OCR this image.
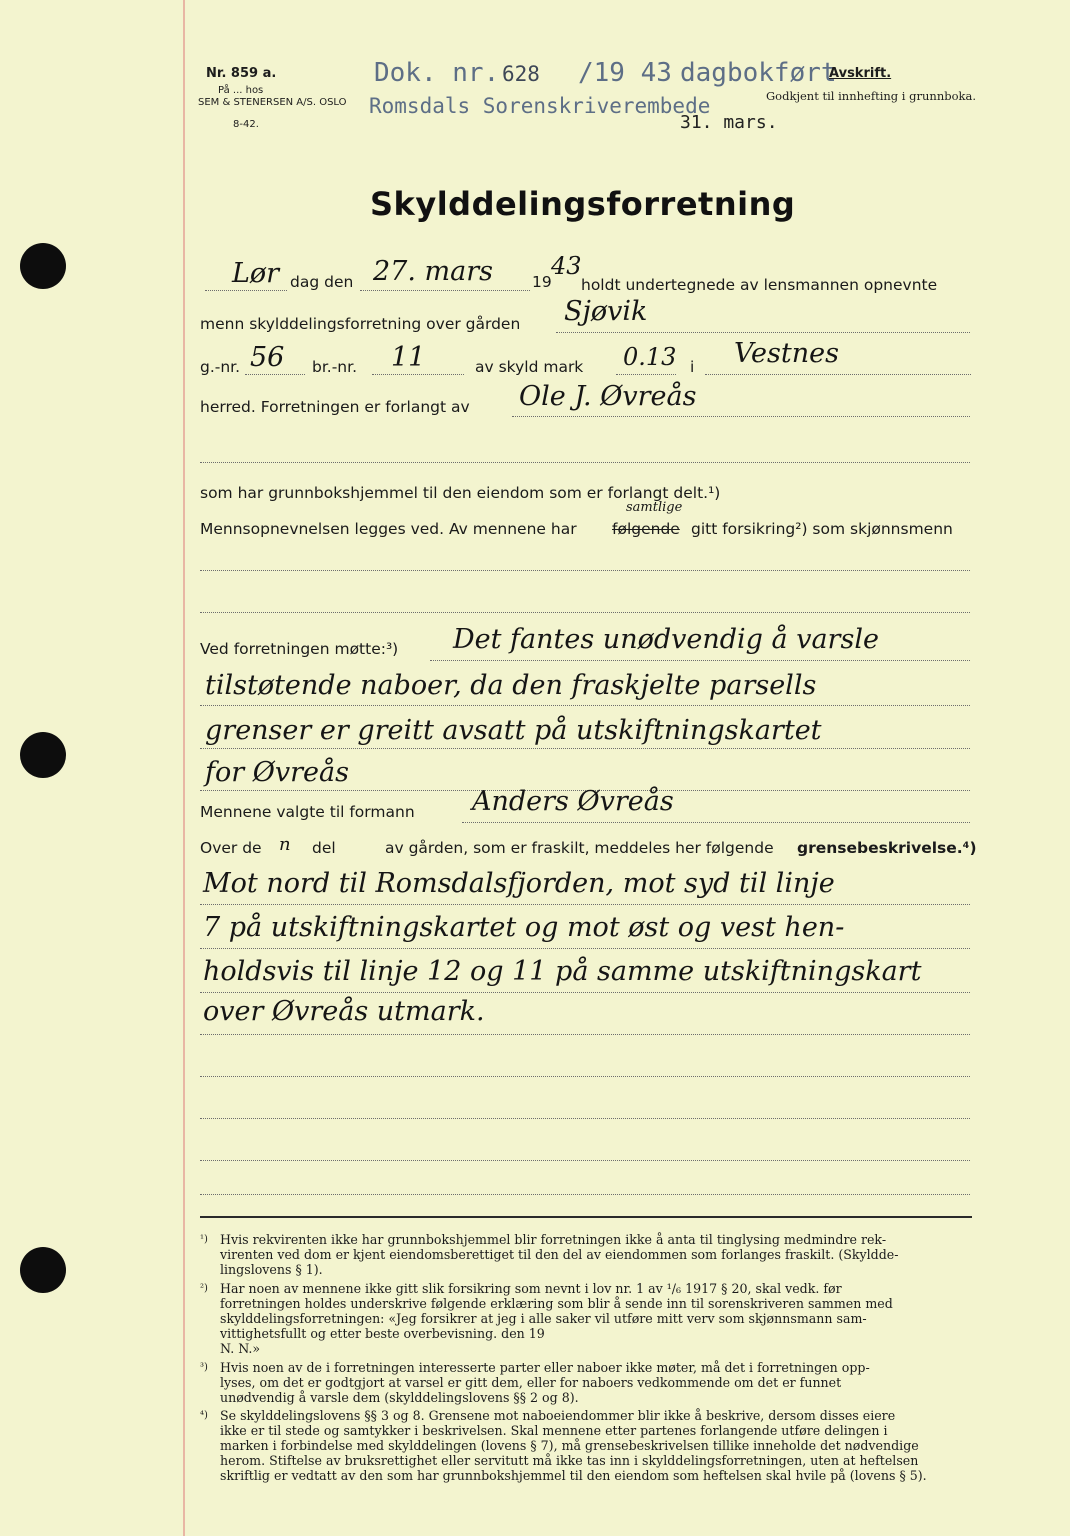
Nr. 859 a.
På ... hos
SEM & STENERSEN A/S. OSLO
8-42.
Dok. nr. 628 /19 43 dagbokført
Romsdals Sorenskriverembede
31. mars.
Avskrift.
Godkjent til innhefting i grunnboka.
Skylddelingsforretning
Lør dag den 27. mars	19
43
holdt undertegnede av lensmannen opnevnte
menn skylddelingsforretning over gården Sjøvik
g.-nr. 56 br.-nr. 11	av skyld mark 0.13 i Vestnes
herred. Forretningen er forlangt av Ole J. Øvreås
som har grunnbokshjemmel til den eiendom som er forlangt delt.¹)
Mennsopnevnelsen legges ved. Av mennene har følgende
samtlige
gitt forsikring²) som skjønnsmenn
Ved forretningen møtte:³) Det fantes unødvendig å varsle
tilstøtende naboer, da den fraskjelte parsells
grenser er greitt avsatt på utskiftningskartet
for Øvreås
Mennene valgte til formann Anders Øvreås
Over de n del	av gården, som er fraskilt, meddeles her følgende grensebeskrivelse.⁴)
Mot nord til Romsdalsfjorden, mot syd til linje
7 på utskiftningskartet og mot øst og vest hen-
holdsvis til linje 12 og 11 på samme utskiftningskart
over Øvreås utmark.
¹) Hvis rekvirenten ikke har grunnbokshjemmel blir forretningen ikke å anta til tinglysing medmindre rek-
virenten ved dom er kjent eiendomsberettiget til den del av eiendommen som forlanges fraskilt. (Skyldde-
lingslovens § 1).
²) Har noen av mennene ikke gitt slik forsikring som nevnt i lov nr. 1 av ¹/₆ 1917 § 20, skal vedk. før
forretningen holdes underskrive følgende erklæring som blir å sende inn til sorenskriveren sammen med
skylddelingsforretningen: «Jeg forsikrer at jeg i alle saker vil utføre mitt verv som skjønnsmann sam-
vittighetsfullt og etter beste overbevisning. den 19
N. N.»
³) Hvis noen av de i forretningen interesserte parter eller naboer ikke møter, må det i forretningen opp-
lyses, om det er godtgjort at varsel er gitt dem, eller for naboers vedkommende om det er funnet
unødvendig å varsle dem (skylddelingslovens §§ 2 og 8).
⁴) Se skylddelingslovens §§ 3 og 8. Grensene mot naboeiendommer blir ikke å beskrive, dersom disses eiere
ikke er til stede og samtykker i beskrivelsen. Skal mennene etter partenes forlangende utføre delingen i
marken i forbindelse med skylddelingen (lovens § 7), må grensebeskrivelsen tillike inneholde det nødvendige
herom. Stiftelse av bruksrettighet eller servitutt må ikke tas inn i skylddelingsforretningen, uten at heftelsen
skriftlig er vedtatt av den som har grunnbokshjemmel til den eiendom som heftelsen skal hvile på (lovens § 5).
